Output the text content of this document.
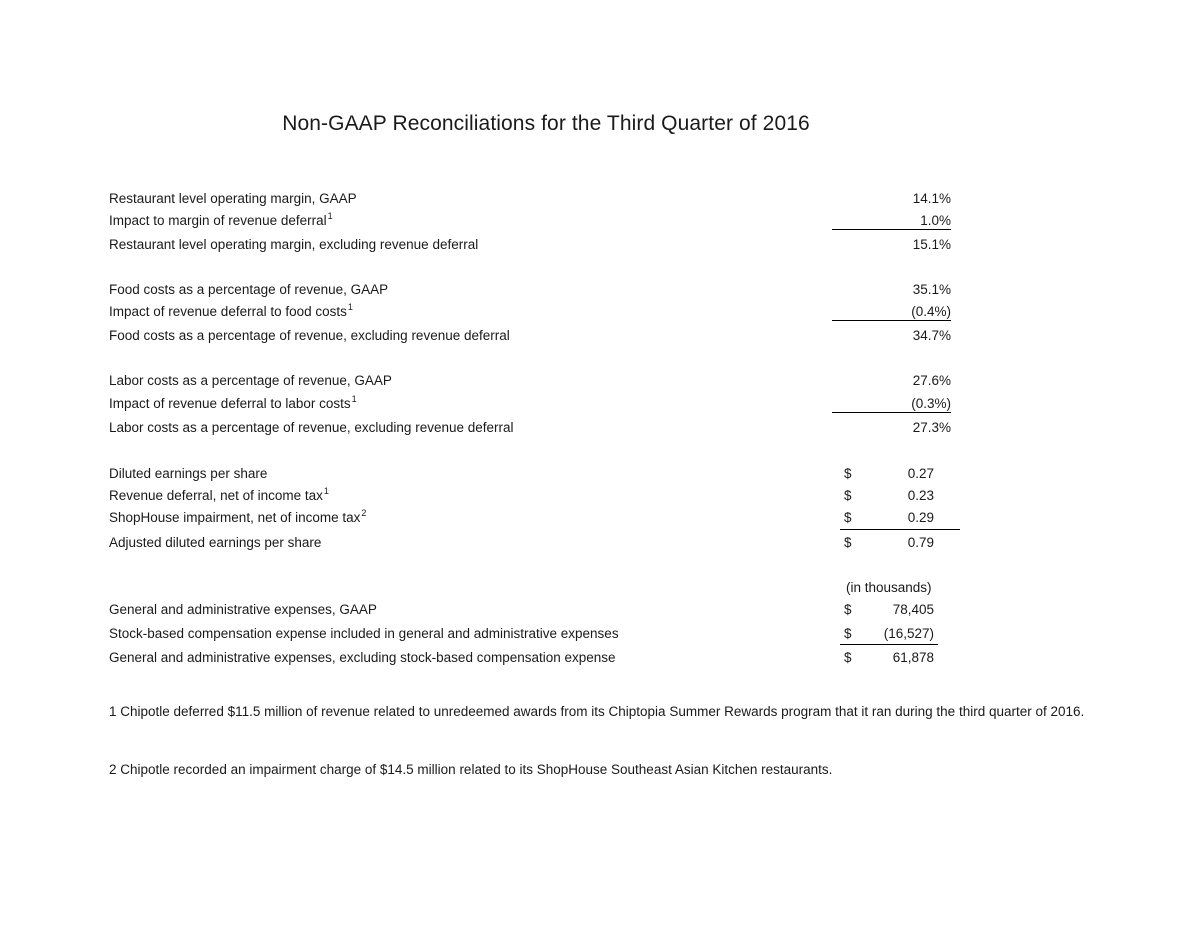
Non-GAAP Reconciliations for the Third Quarter of 2016
Restaurant level operating margin, GAAP	14.1%
Impact to margin of revenue deferral$^1$	1.0%
Restaurant level operating margin, excluding revenue deferral	15.1%
Food costs as a percentage of revenue, GAAP	35.1%
Impact of revenue deferral to food costs$^1$	(0.4%)
Food costs as a percentage of revenue, excluding revenue deferral	34.7%
Labor costs as a percentage of revenue, GAAP	27.6%
Impact of revenue deferral to labor costs$^1$	(0.3%)
Labor costs as a percentage of revenue, excluding revenue deferral	27.3%
Diluted earnings per share	$	0.27
Revenue deferral, net of income tax$^1$	$	0.23
ShopHouse impairment, net of income tax$^2$	$	0.29
Adjusted diluted earnings per share	$	0.79
(in thousands)
General and administrative expenses, GAAP	$	78,405
Stock-based compensation expense included in general and administrative expenses	$	(16,527)
General and administrative expenses, excluding stock-based compensation expense	$	61,878
1 Chipotle deferred $11.5 million of revenue related to unredeemed awards from its Chiptopia Summer Rewards program that it ran during the third quarter of 2016.
2 Chipotle recorded an impairment charge of $14.5 million related to its ShopHouse Southeast Asian Kitchen restaurants.
